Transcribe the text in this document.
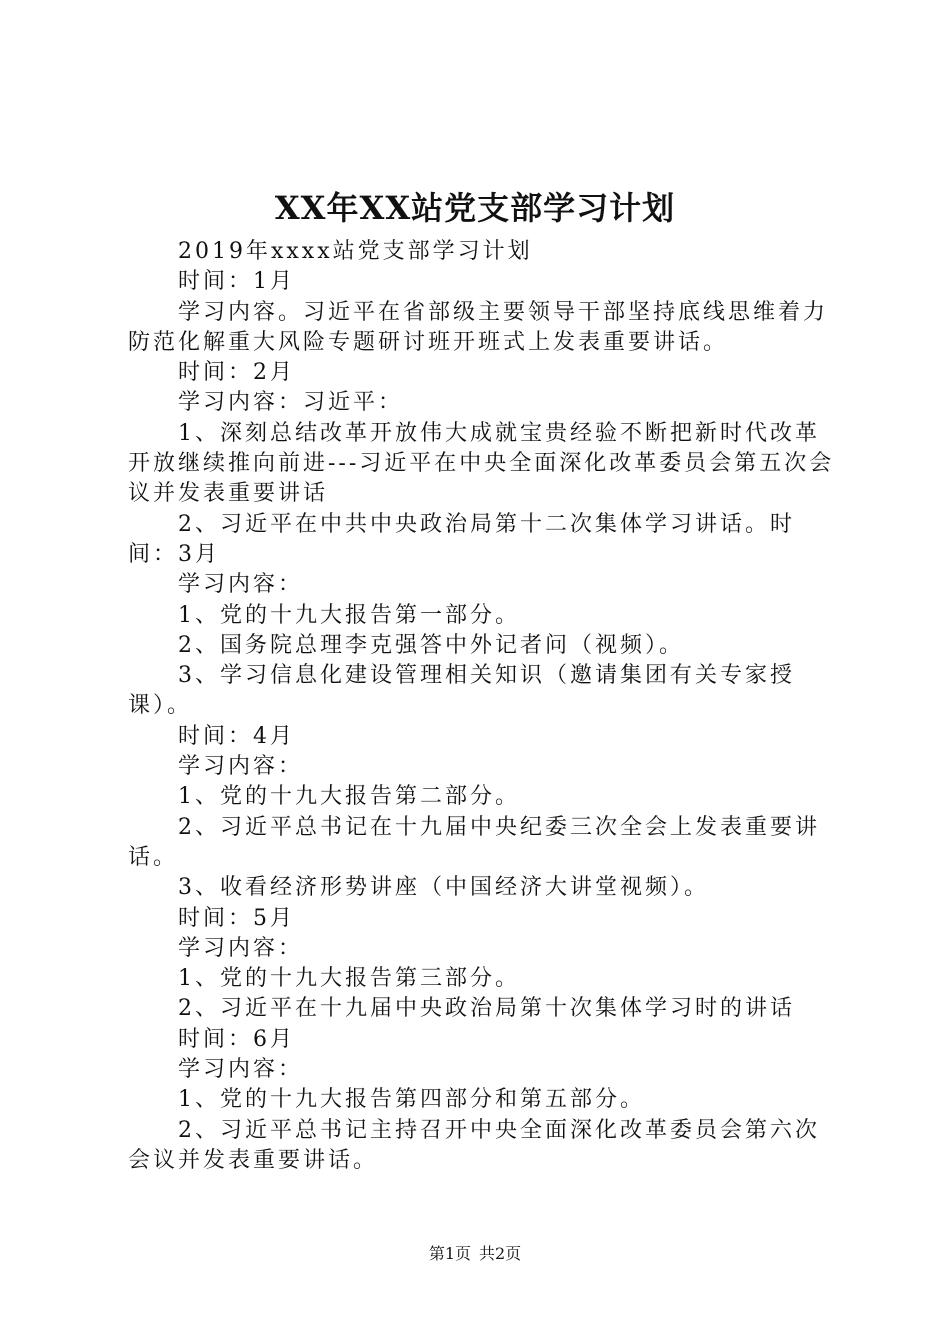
XX年XX站党支部学习计划

2019年xxxx站党支部学习计划

时间：1月

学习内容。习近平在省部级主要领导干部坚持底线思维着力防范化解重大风险专题研讨班开班式上发表重要讲话。

时间：2月

学习内容：习近平：

1、深刻总结改革开放伟大成就宝贵经验不断把新时代改革开放继续推向前进---习近平在中央全面深化改革委员会第五次会议并发表重要讲话

2、习近平在中共中央政治局第十二次集体学习讲话。时间：3月

学习内容：

1、党的十九大报告第一部分。

2、国务院总理李克强答中外记者问（视频）。

3、学习信息化建设管理相关知识（邀请集团有关专家授课）。

时间：4月

学习内容：

1、党的十九大报告第二部分。

2、习近平总书记在十九届中央纪委三次全会上发表重要讲话。

3、收看经济形势讲座（中国经济大讲堂视频）。

时间：5月

学习内容：

1、党的十九大报告第三部分。

2、习近平在十九届中央政治局第十次集体学习时的讲话

时间：6月

学习内容：

1、党的十九大报告第四部分和第五部分。

2、习近平总书记主持召开中央全面深化改革委员会第六次会议并发表重要讲话。

第1页 共2页
